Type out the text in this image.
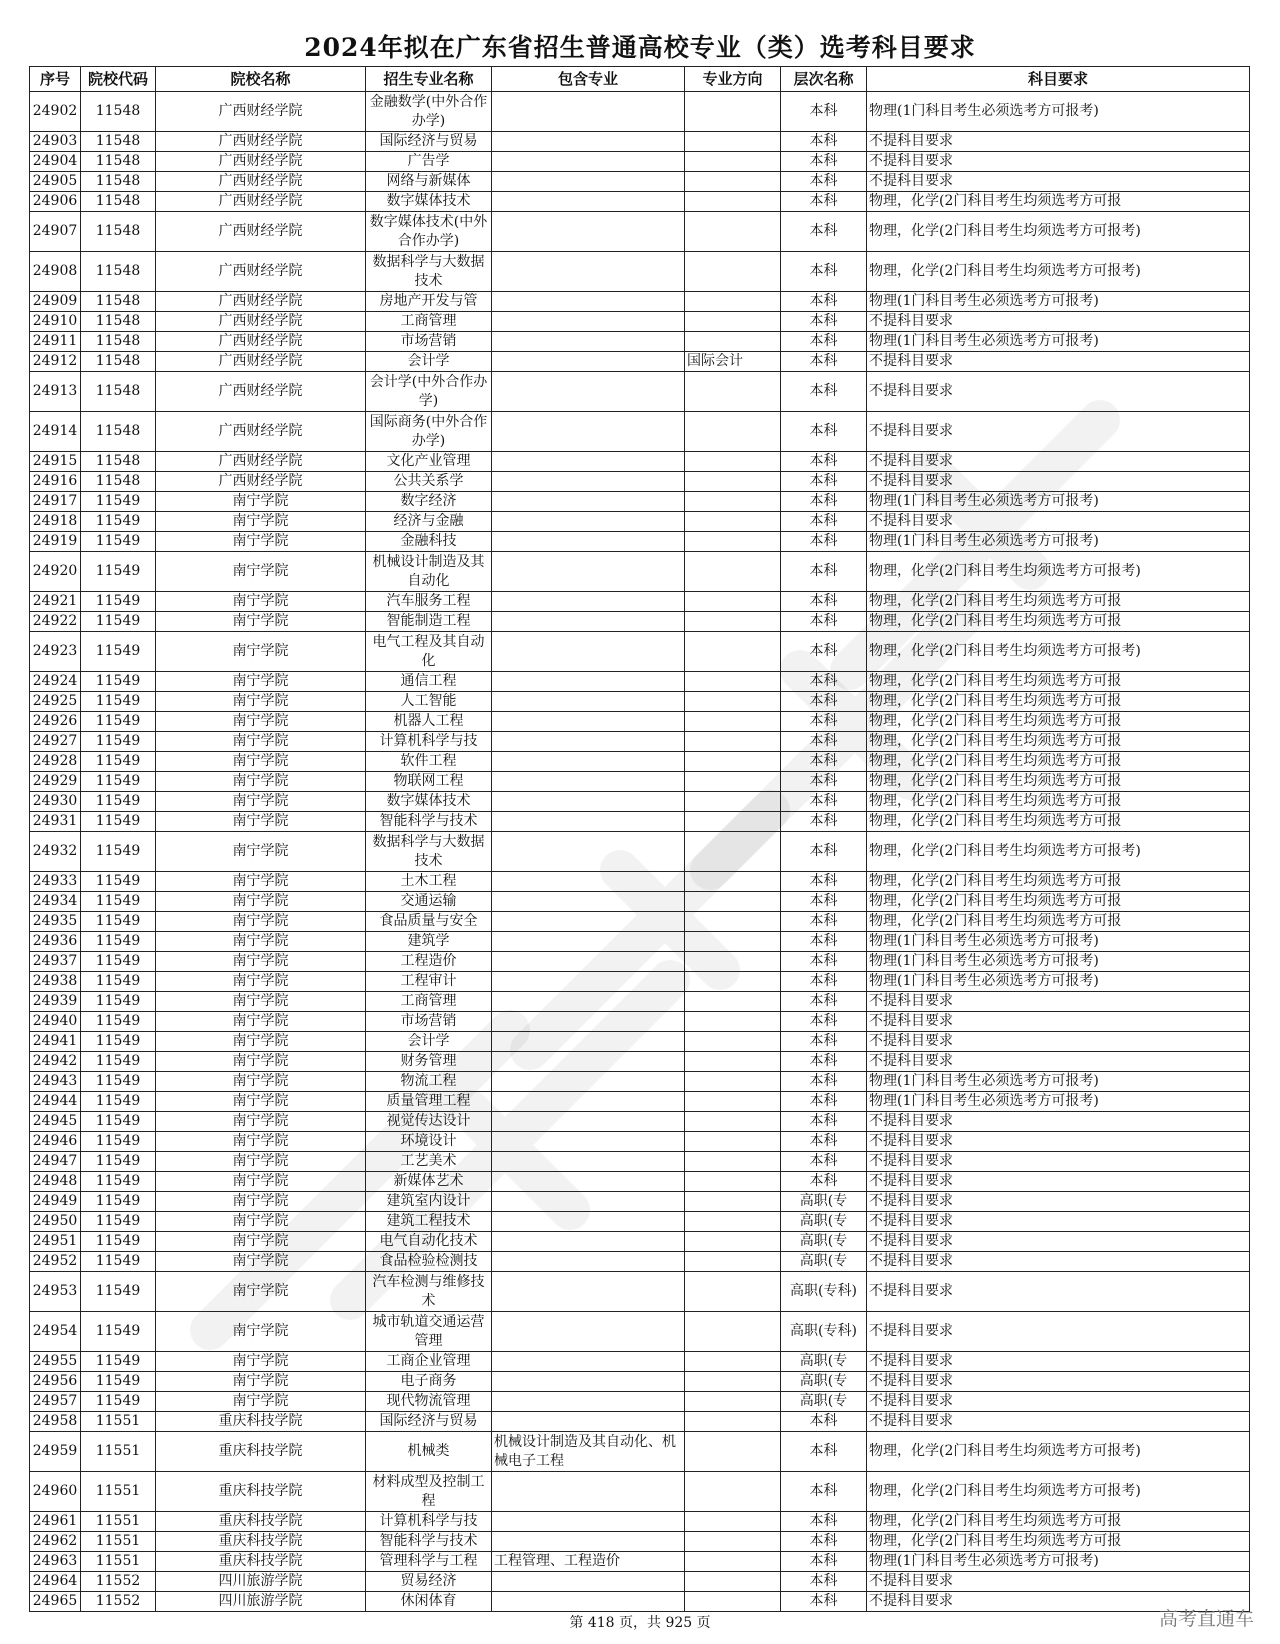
2024年拟在广东省招生普通高校专业（类）选考科目要求
序号	院校代码	院校名称	招生专业名称	包含专业	专业方向	层次名称	科目要求
24902	11548	广西财经学院	金融数学(中外合作办学)			本科	物理(1门科目考生必须选考方可报考)
24903	11548	广西财经学院	国际经济与贸易			本科	不提科目要求
24904	11548	广西财经学院	广告学			本科	不提科目要求
24905	11548	广西财经学院	网络与新媒体			本科	不提科目要求
24906	11548	广西财经学院	数字媒体技术			本科	物理，化学(2门科目考生均须选考方可报
24907	11548	广西财经学院	数字媒体技术(中外合作办学)			本科	物理，化学(2门科目考生均须选考方可报考)
24908	11548	广西财经学院	数据科学与大数据技术			本科	物理，化学(2门科目考生均须选考方可报考)
24909	11548	广西财经学院	房地产开发与管			本科	物理(1门科目考生必须选考方可报考)
24910	11548	广西财经学院	工商管理			本科	不提科目要求
24911	11548	广西财经学院	市场营销			本科	物理(1门科目考生必须选考方可报考)
24912	11548	广西财经学院	会计学		国际会计	本科	不提科目要求
24913	11548	广西财经学院	会计学(中外合作办学)			本科	不提科目要求
24914	11548	广西财经学院	国际商务(中外合作办学)			本科	不提科目要求
24915	11548	广西财经学院	文化产业管理			本科	不提科目要求
24916	11548	广西财经学院	公共关系学			本科	不提科目要求
24917	11549	南宁学院	数字经济			本科	物理(1门科目考生必须选考方可报考)
24918	11549	南宁学院	经济与金融			本科	不提科目要求
24919	11549	南宁学院	金融科技			本科	物理(1门科目考生必须选考方可报考)
24920	11549	南宁学院	机械设计制造及其自动化			本科	物理，化学(2门科目考生均须选考方可报考)
24921	11549	南宁学院	汽车服务工程			本科	物理，化学(2门科目考生均须选考方可报
24922	11549	南宁学院	智能制造工程			本科	物理，化学(2门科目考生均须选考方可报
24923	11549	南宁学院	电气工程及其自动化			本科	物理，化学(2门科目考生均须选考方可报考)
24924	11549	南宁学院	通信工程			本科	物理，化学(2门科目考生均须选考方可报
24925	11549	南宁学院	人工智能			本科	物理，化学(2门科目考生均须选考方可报
24926	11549	南宁学院	机器人工程			本科	物理，化学(2门科目考生均须选考方可报
24927	11549	南宁学院	计算机科学与技			本科	物理，化学(2门科目考生均须选考方可报
24928	11549	南宁学院	软件工程			本科	物理，化学(2门科目考生均须选考方可报
24929	11549	南宁学院	物联网工程			本科	物理，化学(2门科目考生均须选考方可报
24930	11549	南宁学院	数字媒体技术			本科	物理，化学(2门科目考生均须选考方可报
24931	11549	南宁学院	智能科学与技术			本科	物理，化学(2门科目考生均须选考方可报
24932	11549	南宁学院	数据科学与大数据技术			本科	物理，化学(2门科目考生均须选考方可报考)
24933	11549	南宁学院	土木工程			本科	物理，化学(2门科目考生均须选考方可报
24934	11549	南宁学院	交通运输			本科	物理，化学(2门科目考生均须选考方可报
24935	11549	南宁学院	食品质量与安全			本科	物理，化学(2门科目考生均须选考方可报
24936	11549	南宁学院	建筑学			本科	物理(1门科目考生必须选考方可报考)
24937	11549	南宁学院	工程造价			本科	物理(1门科目考生必须选考方可报考)
24938	11549	南宁学院	工程审计			本科	物理(1门科目考生必须选考方可报考)
24939	11549	南宁学院	工商管理			本科	不提科目要求
24940	11549	南宁学院	市场营销			本科	不提科目要求
24941	11549	南宁学院	会计学			本科	不提科目要求
24942	11549	南宁学院	财务管理			本科	不提科目要求
24943	11549	南宁学院	物流工程			本科	物理(1门科目考生必须选考方可报考)
24944	11549	南宁学院	质量管理工程			本科	物理(1门科目考生必须选考方可报考)
24945	11549	南宁学院	视觉传达设计			本科	不提科目要求
24946	11549	南宁学院	环境设计			本科	不提科目要求
24947	11549	南宁学院	工艺美术			本科	不提科目要求
24948	11549	南宁学院	新媒体艺术			本科	不提科目要求
24949	11549	南宁学院	建筑室内设计			高职(专	不提科目要求
24950	11549	南宁学院	建筑工程技术			高职(专	不提科目要求
24951	11549	南宁学院	电气自动化技术			高职(专	不提科目要求
24952	11549	南宁学院	食品检验检测技			高职(专	不提科目要求
24953	11549	南宁学院	汽车检测与维修技术			高职(专科)	不提科目要求
24954	11549	南宁学院	城市轨道交通运营管理			高职(专科)	不提科目要求
24955	11549	南宁学院	工商企业管理			高职(专	不提科目要求
24956	11549	南宁学院	电子商务			高职(专	不提科目要求
24957	11549	南宁学院	现代物流管理			高职(专	不提科目要求
24958	11551	重庆科技学院	国际经济与贸易			本科	不提科目要求
24959	11551	重庆科技学院	机械类	机械设计制造及其自动化、机械电子工程		本科	物理，化学(2门科目考生均须选考方可报考)
24960	11551	重庆科技学院	材料成型及控制工程			本科	物理，化学(2门科目考生均须选考方可报考)
24961	11551	重庆科技学院	计算机科学与技			本科	物理，化学(2门科目考生均须选考方可报
24962	11551	重庆科技学院	智能科学与技术			本科	物理，化学(2门科目考生均须选考方可报
24963	11551	重庆科技学院	管理科学与工程	工程管理、工程造价		本科	物理(1门科目考生必须选考方可报考)
24964	11552	四川旅游学院	贸易经济			本科	不提科目要求
24965	11552	四川旅游学院	休闲体育			本科	不提科目要求
第 418 页，共 925 页	高考直通车
